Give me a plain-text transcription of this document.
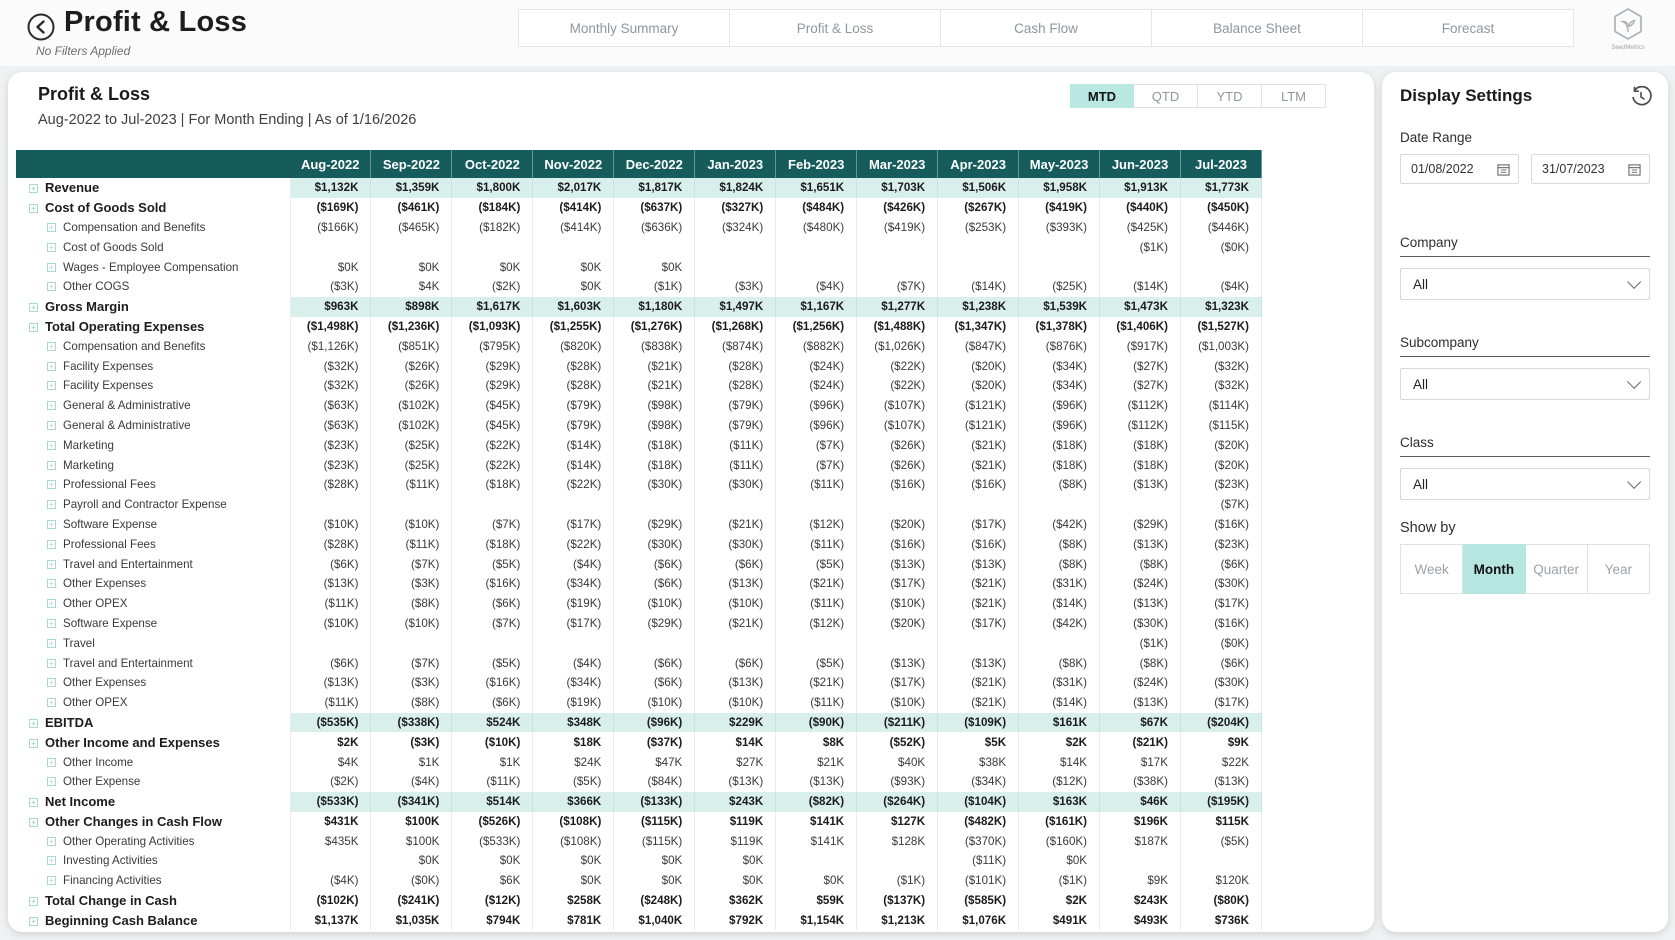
Profit & Loss
No Filters Applied
Monthly Summary	Profit & Loss	Cash Flow	Balance Sheet	Forecast
SeedMetrics
Profit & Loss
Aug-2022 to Jul-2023 | For Month Ending | As of 1/16/2026
MTD	QTD	YTD	LTM
	Aug-2022	Sep-2022	Oct-2022	Nov-2022	Dec-2022	Jan-2023	Feb-2023	Mar-2023	Apr-2023	May-2023	Jun-2023	Jul-2023
+ Revenue	$1,132K	$1,359K	$1,800K	$2,017K	$1,817K	$1,824K	$1,651K	$1,703K	$1,506K	$1,958K	$1,913K	$1,773K
+ Cost of Goods Sold	($169K)	($461K)	($184K)	($414K)	($637K)	($327K)	($484K)	($426K)	($267K)	($419K)	($440K)	($450K)
+ Compensation and Benefits	($166K)	($465K)	($182K)	($414K)	($636K)	($324K)	($480K)	($419K)	($253K)	($393K)	($425K)	($446K)
+ Cost of Goods Sold											($1K)	($0K)
+ Wages - Employee Compensation	$0K	$0K	$0K	$0K	$0K							
+ Other COGS	($3K)	$4K	($2K)	$0K	($1K)	($3K)	($4K)	($7K)	($14K)	($25K)	($14K)	($4K)
+ Gross Margin	$963K	$898K	$1,617K	$1,603K	$1,180K	$1,497K	$1,167K	$1,277K	$1,238K	$1,539K	$1,473K	$1,323K
+ Total Operating Expenses	($1,498K)	($1,236K)	($1,093K)	($1,255K)	($1,276K)	($1,268K)	($1,256K)	($1,488K)	($1,347K)	($1,378K)	($1,406K)	($1,527K)
+ Compensation and Benefits	($1,126K)	($851K)	($795K)	($820K)	($838K)	($874K)	($882K)	($1,026K)	($847K)	($876K)	($917K)	($1,003K)
+ Facility Expenses	($32K)	($26K)	($29K)	($28K)	($21K)	($28K)	($24K)	($22K)	($20K)	($34K)	($27K)	($32K)
+ Facility Expenses	($32K)	($26K)	($29K)	($28K)	($21K)	($28K)	($24K)	($22K)	($20K)	($34K)	($27K)	($32K)
+ General & Administrative	($63K)	($102K)	($45K)	($79K)	($98K)	($79K)	($96K)	($107K)	($121K)	($96K)	($112K)	($114K)
+ General & Administrative	($63K)	($102K)	($45K)	($79K)	($98K)	($79K)	($96K)	($107K)	($121K)	($96K)	($112K)	($115K)
+ Marketing	($23K)	($25K)	($22K)	($14K)	($18K)	($11K)	($7K)	($26K)	($21K)	($18K)	($18K)	($20K)
+ Marketing	($23K)	($25K)	($22K)	($14K)	($18K)	($11K)	($7K)	($26K)	($21K)	($18K)	($18K)	($20K)
+ Professional Fees	($28K)	($11K)	($18K)	($22K)	($30K)	($30K)	($11K)	($16K)	($16K)	($8K)	($13K)	($23K)
+ Payroll and Contractor Expense												($7K)
+ Software Expense	($10K)	($10K)	($7K)	($17K)	($29K)	($21K)	($12K)	($20K)	($17K)	($42K)	($29K)	($16K)
+ Professional Fees	($28K)	($11K)	($18K)	($22K)	($30K)	($30K)	($11K)	($16K)	($16K)	($8K)	($13K)	($23K)
+ Travel and Entertainment	($6K)	($7K)	($5K)	($4K)	($6K)	($6K)	($5K)	($13K)	($13K)	($8K)	($8K)	($6K)
+ Other Expenses	($13K)	($3K)	($16K)	($34K)	($6K)	($13K)	($21K)	($17K)	($21K)	($31K)	($24K)	($30K)
+ Other OPEX	($11K)	($8K)	($6K)	($19K)	($10K)	($10K)	($11K)	($10K)	($21K)	($14K)	($13K)	($17K)
+ Software Expense	($10K)	($10K)	($7K)	($17K)	($29K)	($21K)	($12K)	($20K)	($17K)	($42K)	($30K)	($16K)
+ Travel											($1K)	($0K)
+ Travel and Entertainment	($6K)	($7K)	($5K)	($4K)	($6K)	($6K)	($5K)	($13K)	($13K)	($8K)	($8K)	($6K)
+ Other Expenses	($13K)	($3K)	($16K)	($34K)	($6K)	($13K)	($21K)	($17K)	($21K)	($31K)	($24K)	($30K)
+ Other OPEX	($11K)	($8K)	($6K)	($19K)	($10K)	($10K)	($11K)	($10K)	($21K)	($14K)	($13K)	($17K)
+ EBITDA	($535K)	($338K)	$524K	$348K	($96K)	$229K	($90K)	($211K)	($109K)	$161K	$67K	($204K)
+ Other Income and Expenses	$2K	($3K)	($10K)	$18K	($37K)	$14K	$8K	($52K)	$5K	$2K	($21K)	$9K
+ Other Income	$4K	$1K	$1K	$24K	$47K	$27K	$21K	$40K	$38K	$14K	$17K	$22K
+ Other Expense	($2K)	($4K)	($11K)	($5K)	($84K)	($13K)	($13K)	($93K)	($34K)	($12K)	($38K)	($13K)
+ Net Income	($533K)	($341K)	$514K	$366K	($133K)	$243K	($82K)	($264K)	($104K)	$163K	$46K	($195K)
+ Other Changes in Cash Flow	$431K	$100K	($526K)	($108K)	($115K)	$119K	$141K	$127K	($482K)	($161K)	$196K	$115K
+ Other Operating Activities	$435K	$100K	($533K)	($108K)	($115K)	$119K	$141K	$128K	($370K)	($160K)	$187K	($5K)
+ Investing Activities		$0K	$0K	$0K	$0K	$0K			($11K)	$0K		
+ Financing Activities	($4K)	($0K)	$6K	$0K	$0K	$0K	$0K	($1K)	($101K)	($1K)	$9K	$120K
+ Total Change in Cash	($102K)	($241K)	($12K)	$258K	($248K)	$362K	$59K	($137K)	($585K)	$2K	$243K	($80K)
+ Beginning Cash Balance	$1,137K	$1,035K	$794K	$781K	$1,040K	$792K	$1,154K	$1,213K	$1,076K	$491K	$493K	$736K
Display Settings
Date Range
01/08/2022	31/07/2023
Company
All
Subcompany
All
Class
All
Show by
Week	Month	Quarter	Year
